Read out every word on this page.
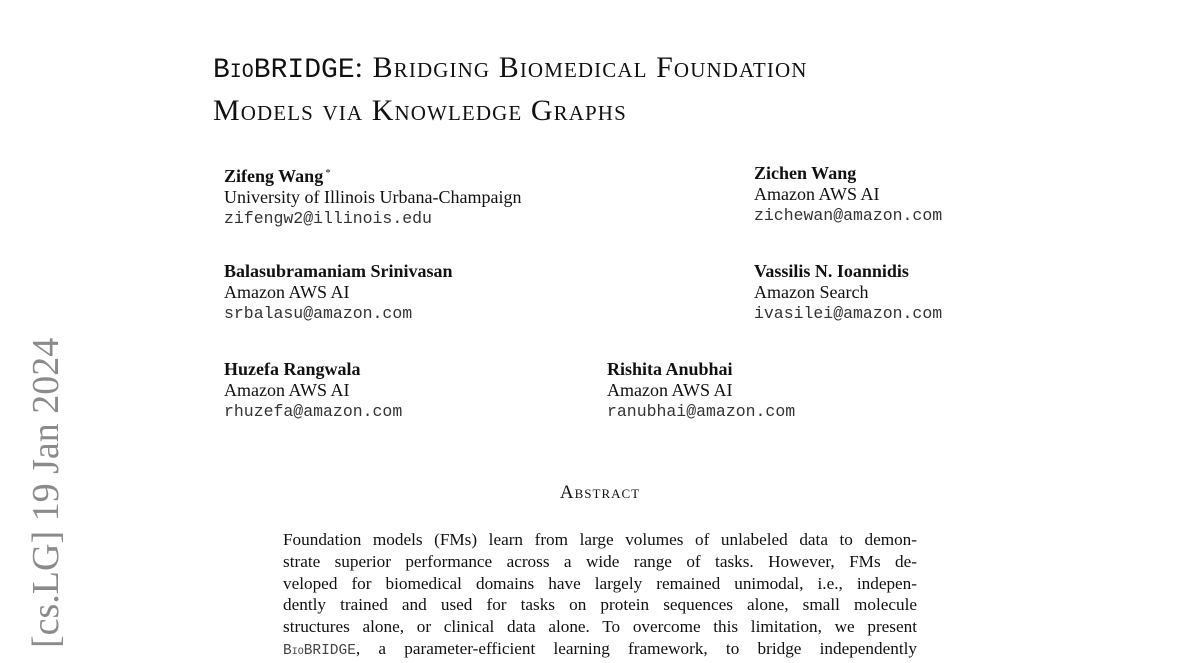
[cs.LG] 19 Jan 2024
BioBRIDGE: Bridging Biomedical Foundation
Models via Knowledge Graphs
Zifeng Wang *
University of Illinois Urbana-Champaign
zifengw2@illinois.edu
Zichen Wang
Amazon AWS AI
zichewan@amazon.com
Balasubramaniam Srinivasan
Amazon AWS AI
srbalasu@amazon.com
Vassilis N. Ioannidis
Amazon Search
ivasilei@amazon.com
Huzefa Rangwala
Amazon AWS AI
rhuzefa@amazon.com
Rishita Anubhai
Amazon AWS AI
ranubhai@amazon.com
Abstract
Foundation models (FMs) learn from large volumes of unlabeled data to demon-
strate superior performance across a wide range of tasks. However, FMs de-
veloped for biomedical domains have largely remained unimodal, i.e., indepen-
dently trained and used for tasks on protein sequences alone, small molecule
structures alone, or clinical data alone. To overcome this limitation, we present
BioBRIDGE, a parameter-efficient learning framework, to bridge independently
